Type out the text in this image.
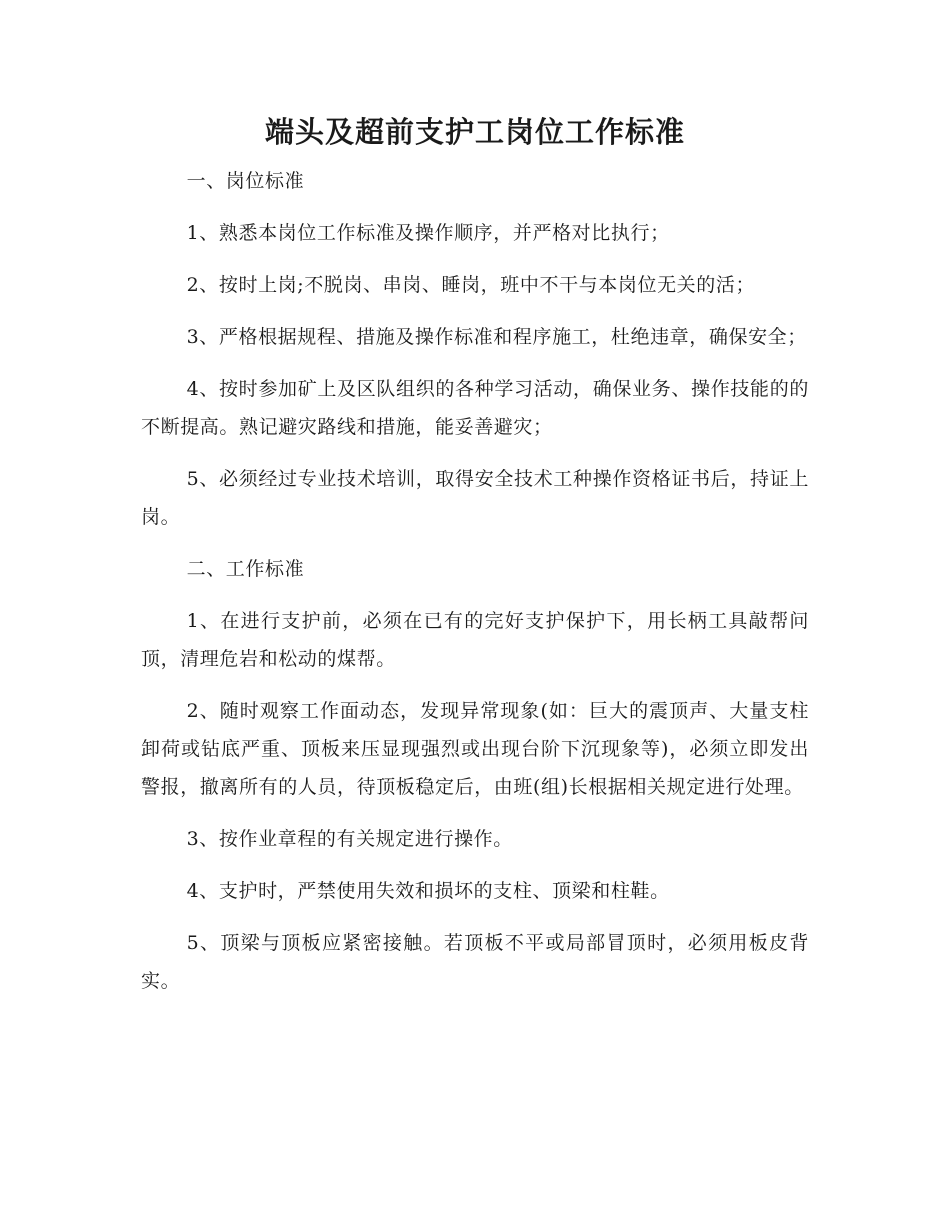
端头及超前支护工岗位工作标准

一、岗位标准

1、熟悉本岗位工作标准及操作顺序，并严格对比执行；

2、按时上岗;不脱岗、串岗、睡岗，班中不干与本岗位无关的活；

3、严格根据规程、措施及操作标准和程序施工，杜绝违章，确保安全；

4、按时参加矿上及区队组织的各种学习活动，确保业务、操作技能的的不断提高。熟记避灾路线和措施，能妥善避灾；

5、必须经过专业技术培训，取得安全技术工种操作资格证书后，持证上岗。

二、工作标准

1、在进行支护前，必须在已有的完好支护保护下，用长柄工具敲帮问顶，清理危岩和松动的煤帮。

2、随时观察工作面动态，发现异常现象(如：巨大的震顶声、大量支柱卸荷或钻底严重、顶板来压显现强烈或出现台阶下沉现象等)，必须立即发出警报，撤离所有的人员，待顶板稳定后，由班(组)长根据相关规定进行处理。

3、按作业章程的有关规定进行操作。

4、支护时，严禁使用失效和损坏的支柱、顶梁和柱鞋。

5、顶梁与顶板应紧密接触。若顶板不平或局部冒顶时，必须用板皮背实。
